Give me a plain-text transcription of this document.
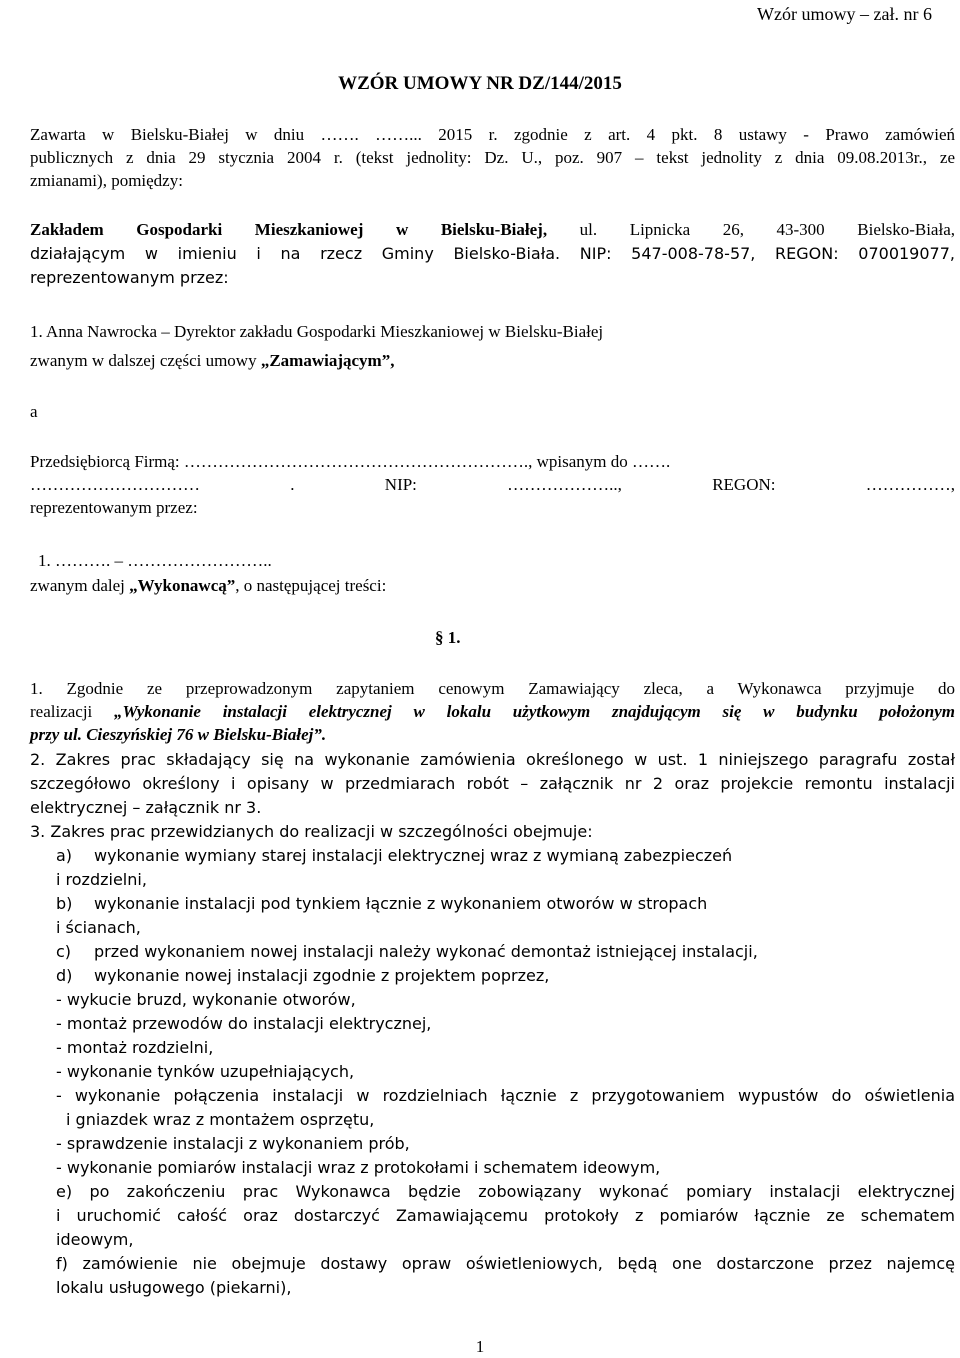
Wzór umowy – zał. nr 6
WZÓR UMOWY NR DZ/144/2015
Zawarta w Bielsku-Białej w dniu ……. ……... 2015 r. zgodnie z art. 4 pkt. 8 ustawy - Prawo zamówień
publicznych z dnia 29 stycznia 2004 r. (tekst jednolity: Dz. U., poz. 907 – tekst jednolity z dnia 09.08.2013r., ze
zmianami), pomiędzy:
Zakładem Gospodarki Mieszkaniowej w Bielsku-Białej, ul. Lipnicka 26, 43-300 Bielsko-Biała,
działającym w imieniu i na rzecz Gminy Bielsko-Biała. NIP: 547-008-78-57, REGON: 070019077,
reprezentowanym przez:
1. Anna Nawrocka – Dyrektor zakładu Gospodarki Mieszkaniowej w Bielsku-Białej
zwanym w dalszej części umowy „Zamawiającym”,
a
Przedsiębiorcą Firmą: ……………………………………………………., wpisanym do …….
………………………… . NIP: ……………….., REGON: ……………,
reprezentowanym przez:
1. ………. – ……………………..
zwanym dalej „Wykonawcą”, o następującej treści:
§ 1.
1. Zgodnie ze przeprowadzonym zapytaniem cenowym Zamawiający zleca, a Wykonawca przyjmuje do
realizacji „Wykonanie instalacji elektrycznej w lokalu użytkowym znajdującym się w budynku położonym
przy ul. Cieszyńskiej 76 w Bielsku-Białej”.
2. Zakres prac składający się na wykonanie zamówienia określonego w ust. 1 niniejszego paragrafu został
szczegółowo określony i opisany w przedmiarach robót – załącznik nr 2 oraz projekcie remontu instalacji
elektrycznej – załącznik nr 3.
3. Zakres prac przewidzianych do realizacji w szczególności obejmuje:
a) wykonanie wymiany starej instalacji elektrycznej wraz z wymianą zabezpieczeń
i rozdzielni,
b) wykonanie instalacji pod tynkiem łącznie z wykonaniem otworów w stropach
i ścianach,
c) przed wykonaniem nowej instalacji należy wykonać demontaż istniejącej instalacji,
d) wykonanie nowej instalacji zgodnie z projektem poprzez,
- wykucie bruzd, wykonanie otworów,
- montaż przewodów do instalacji elektrycznej,
- montaż rozdzielni,
- wykonanie tynków uzupełniających,
- wykonanie połączenia instalacji w rozdzielniach łącznie z przygotowaniem wypustów do oświetlenia
i gniazdek wraz z montażem osprzętu,
- sprawdzenie instalacji z wykonaniem prób,
- wykonanie pomiarów instalacji wraz z protokołami i schematem ideowym,
e) po zakończeniu prac Wykonawca będzie zobowiązany wykonać pomiary instalacji elektrycznej
i uruchomić całość oraz dostarczyć Zamawiającemu protokoły z pomiarów łącznie ze schematem
ideowym,
f) zamówienie nie obejmuje dostawy opraw oświetleniowych, będą one dostarczone przez najemcę
lokalu usługowego (piekarni),
1
